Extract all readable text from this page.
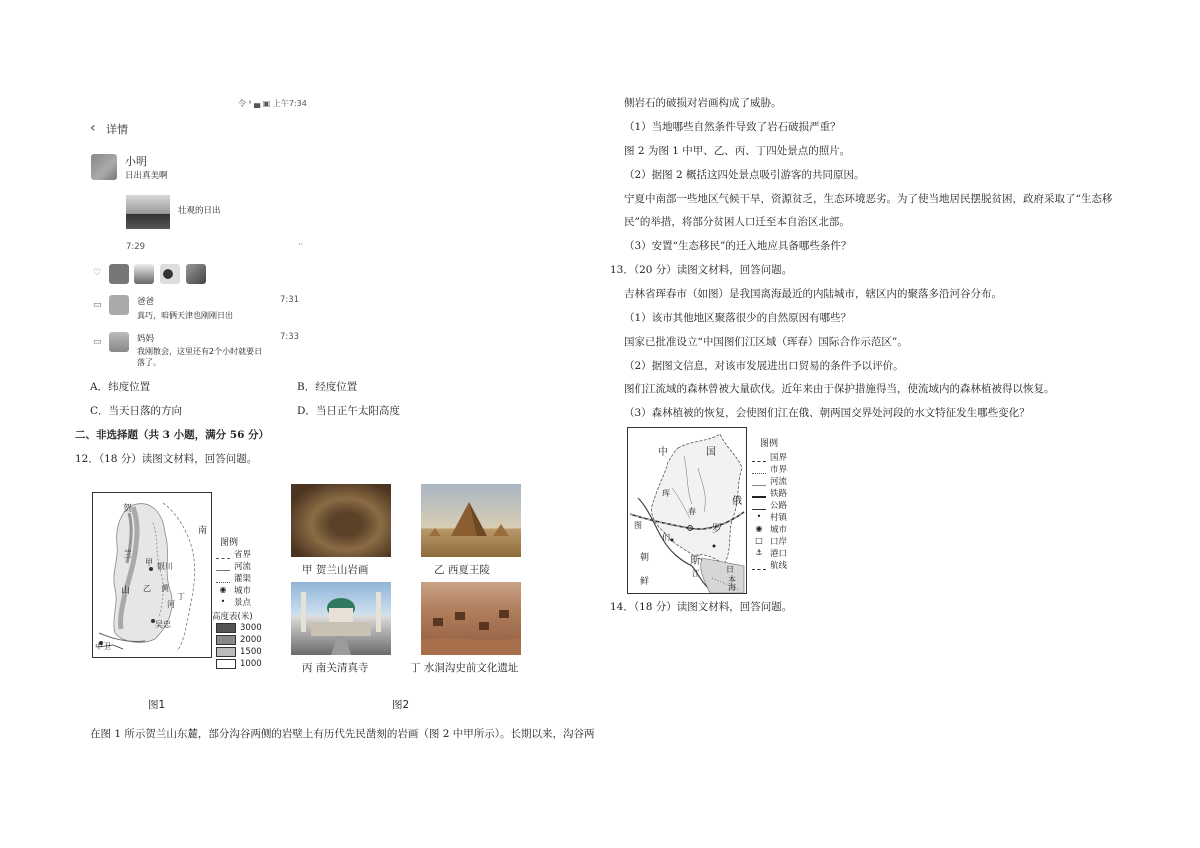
令 ᴵᴵ ▄ ▣ 上午7:34
‹ 详情
小明
日出真美啊
壮观的日出
7:29	··
♡
▭	爸爸
真巧，咱俩天津也刚刚日出
7:31
▭	妈妈
我刚散会，这里还有2个小时就要日落了。
7:33
A．纬度位置	B．经度位置
C．当天日落的方向	D．当日正午太阳高度
二、非选择题（共 3 小题，满分 56 分）
12．（18 分）读图文材料，回答问题。
贺
南
兰
甲 银川
山 乙 黄
丁
河
吴忠
中卫
图例
省界
河流
灌渠
◉ 城市
•	景点
高度表(米)
3000
2000
1500
1000
甲 贺兰山岩画	乙 西夏王陵
丙 南关清真寺	丁 水洞沟史前文化遗址
图1	图2
在图 1 所示贺兰山东麓，部分沟谷两侧的岩壁上有历代先民凿刻的岩画（图 2 中甲所示）。长期以来，沟谷两
侧岩石的破损对岩画构成了威胁。
（1）当地哪些自然条件导致了岩石破损严重？
图 2 为图 1 中甲、乙、丙、丁四处景点的照片。
（2）据图 2 概括这四处景点吸引游客的共同原因。
宁夏中南部一些地区气候干旱，资源贫乏，生态环境恶劣。为了使当地居民摆脱贫困，政府采取了“生态移
民”的举措，将部分贫困人口迁至本自治区北部。
（3）安置“生态移民”的迁入地应具备哪些条件？
13．（20 分）读图文材料，回答问题。
吉林省珲春市（如图）是我国离海最近的内陆城市，辖区内的聚落多沿河谷分布。
（1）该市其他地区聚落很少的自然原因有哪些？
国家已批准设立“中国图们江区域（珲春）国际合作示范区”。
（2）据图文信息，对该市发展进出口贸易的条件予以评价。
图们江流域的森林曾被大量砍伐。近年来由于保护措施得当，使流域内的森林植被得以恢复。
（3）森林植被的恢复，会使图们江在俄、朝两国交界处河段的水文特征发生哪些变化？
中	国
珲
春
俄
罗
图
们
朝	斯
江
鲜
日
本
海
图例
国界
市界
河流
铁路
公路
•	村镇
◉ 城市
□ 口岸
⚓ 港口
航线
14．（18 分）读图文材料，回答问题。
